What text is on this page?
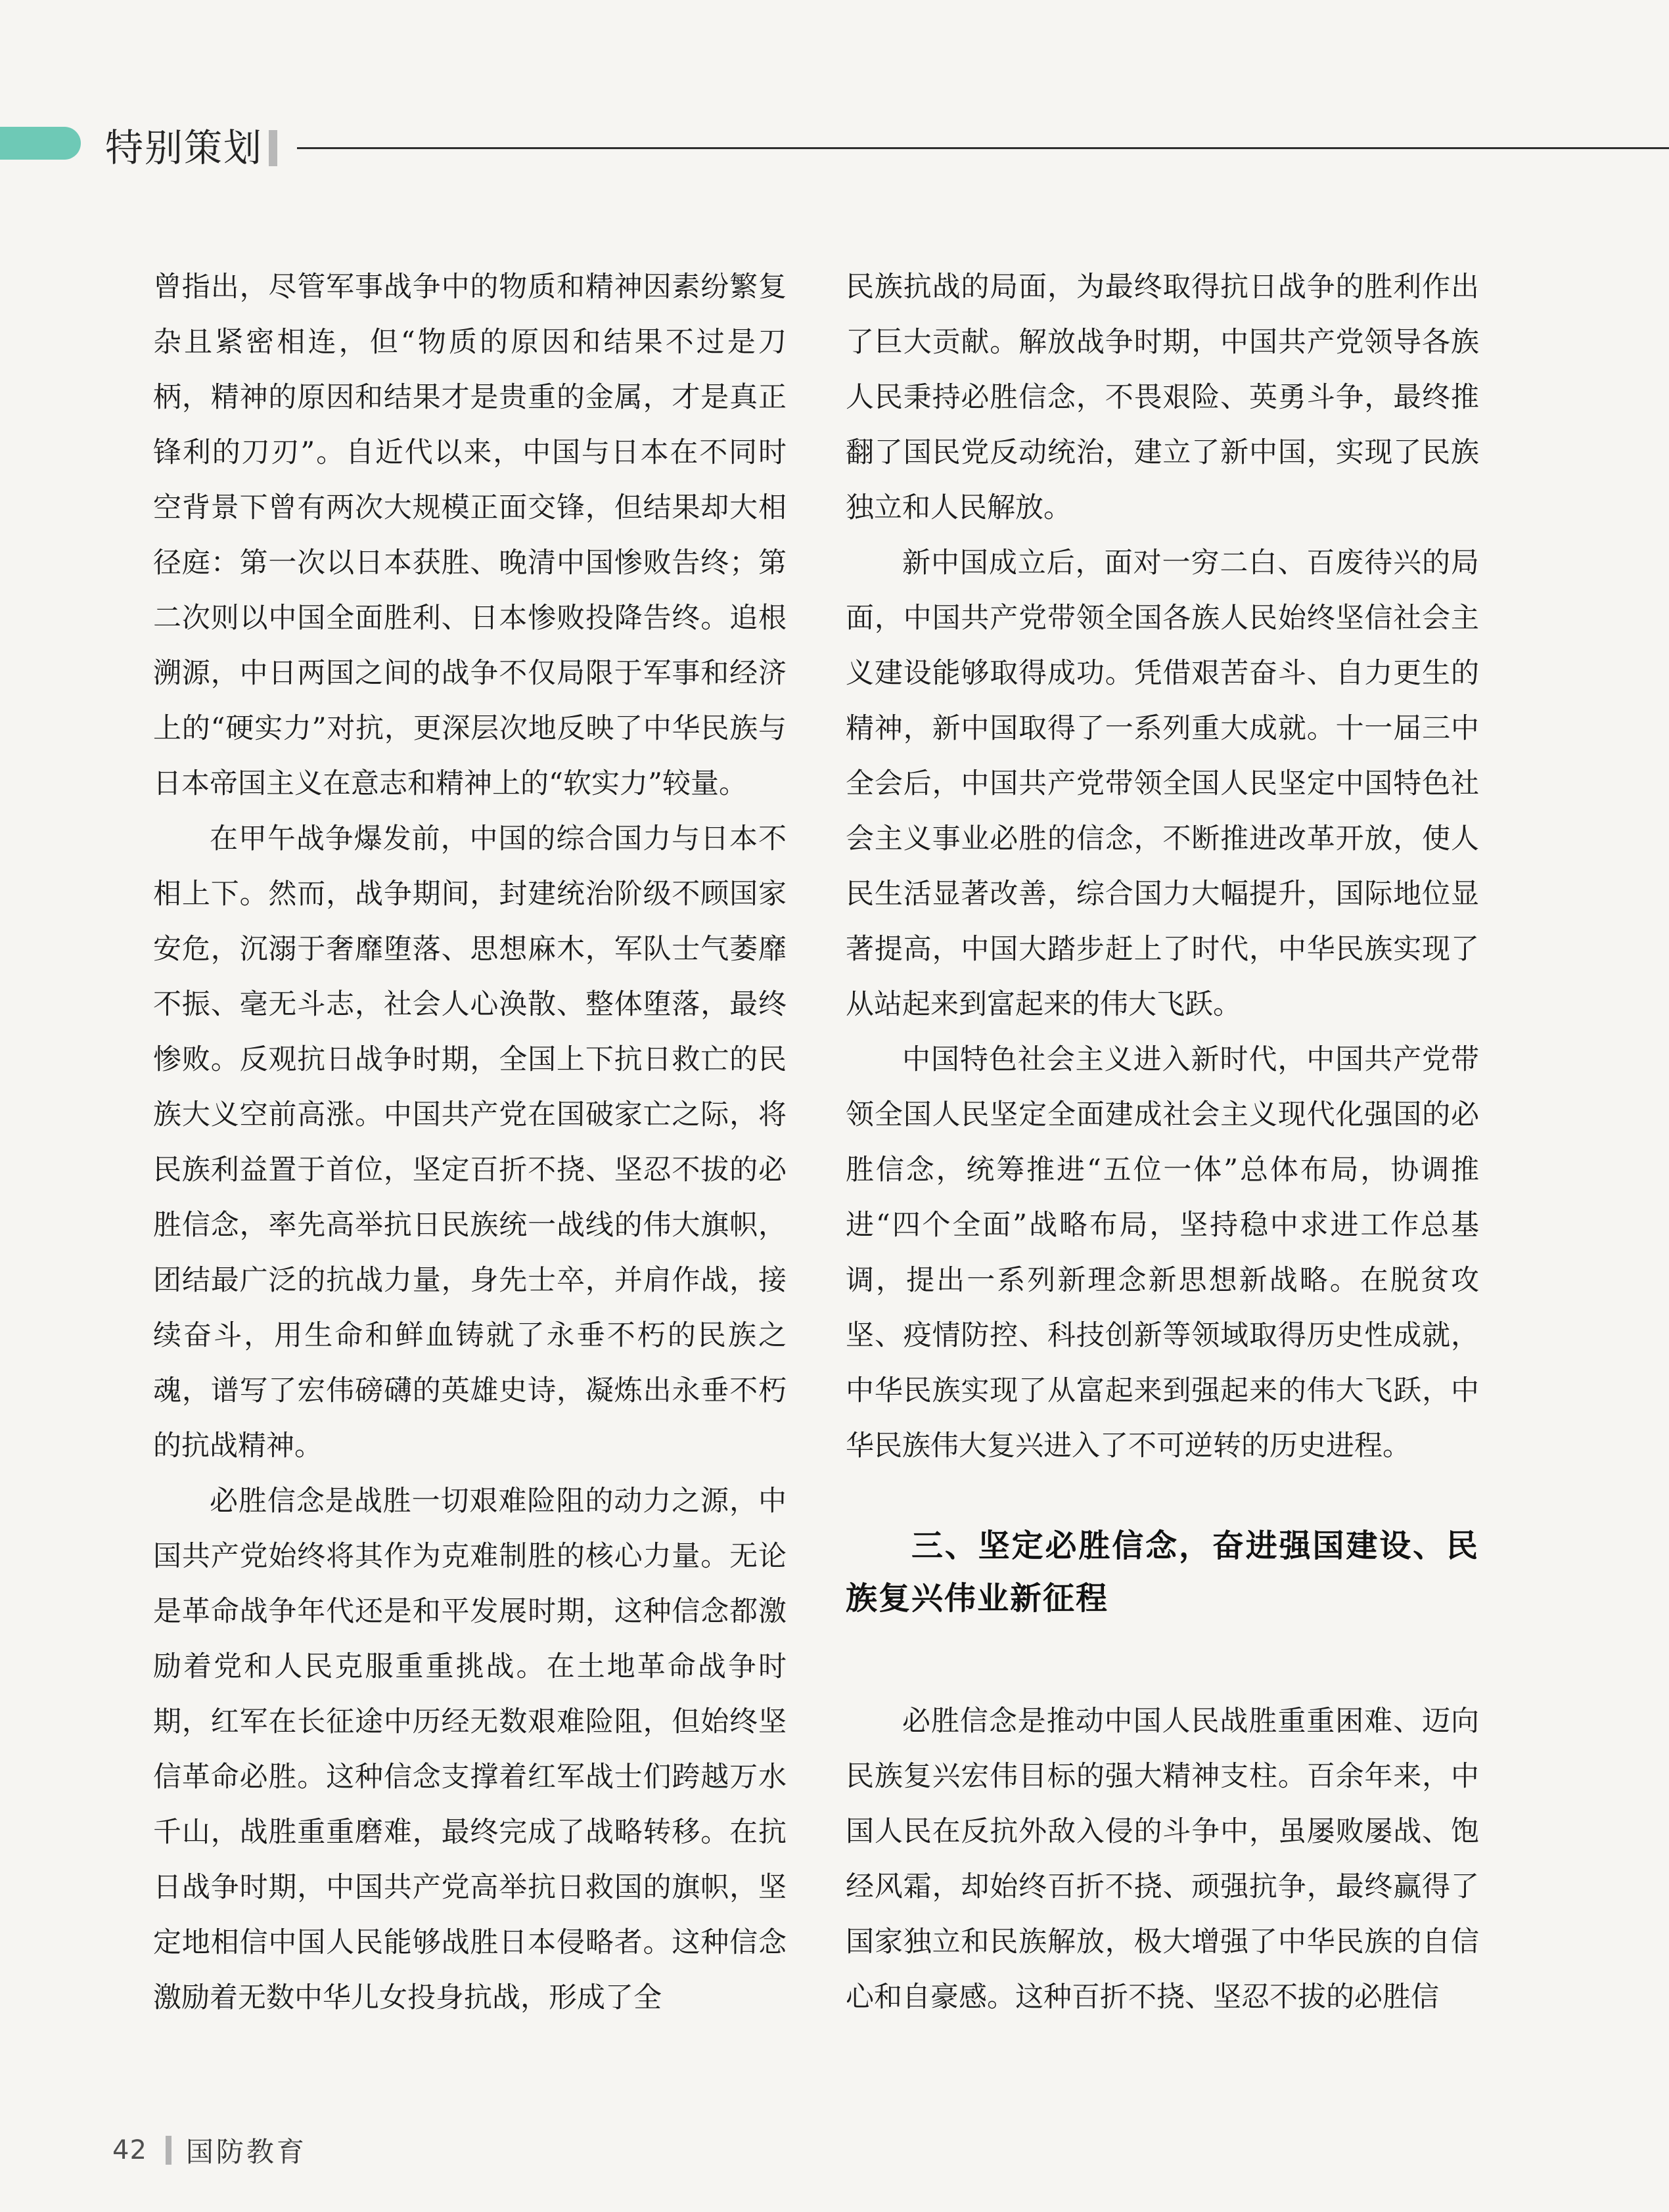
特别策划

曾指出，尽管军事战争中的物质和精神因素纷繁复杂且紧密相连，但“物质的原因和结果不过是刀柄，精神的原因和结果才是贵重的金属，才是真正锋利的刀刃”。自近代以来，中国与日本在不同时空背景下曾有两次大规模正面交锋，但结果却大相径庭：第一次以日本获胜、晚清中国惨败告终；第二次则以中国全面胜利、日本惨败投降告终。追根溯源，中日两国之间的战争不仅局限于军事和经济上的“硬实力”对抗，更深层次地反映了中华民族与日本帝国主义在意志和精神上的“软实力”较量。

在甲午战争爆发前，中国的综合国力与日本不相上下。然而，战争期间，封建统治阶级不顾国家安危，沉溺于奢靡堕落、思想麻木，军队士气萎靡不振、毫无斗志，社会人心涣散、整体堕落，最终惨败。反观抗日战争时期，全国上下抗日救亡的民族大义空前高涨。中国共产党在国破家亡之际，将民族利益置于首位，坚定百折不挠、坚忍不拔的必胜信念，率先高举抗日民族统一战线的伟大旗帜，团结最广泛的抗战力量，身先士卒，并肩作战，接续奋斗，用生命和鲜血铸就了永垂不朽的民族之魂，谱写了宏伟磅礴的英雄史诗，凝炼出永垂不朽的抗战精神。

必胜信念是战胜一切艰难险阻的动力之源，中国共产党始终将其作为克难制胜的核心力量。无论是革命战争年代还是和平发展时期，这种信念都激励着党和人民克服重重挑战。在土地革命战争时期，红军在长征途中历经无数艰难险阻，但始终坚信革命必胜。这种信念支撑着红军战士们跨越万水千山，战胜重重磨难，最终完成了战略转移。在抗日战争时期，中国共产党高举抗日救国的旗帜，坚定地相信中国人民能够战胜日本侵略者。这种信念激励着无数中华儿女投身抗战，形成了全

民族抗战的局面，为最终取得抗日战争的胜利作出了巨大贡献。解放战争时期，中国共产党领导各族人民秉持必胜信念，不畏艰险、英勇斗争，最终推翻了国民党反动统治，建立了新中国，实现了民族独立和人民解放。

新中国成立后，面对一穷二白、百废待兴的局面，中国共产党带领全国各族人民始终坚信社会主义建设能够取得成功。凭借艰苦奋斗、自力更生的精神，新中国取得了一系列重大成就。十一届三中全会后，中国共产党带领全国人民坚定中国特色社会主义事业必胜的信念，不断推进改革开放，使人民生活显著改善，综合国力大幅提升，国际地位显著提高，中国大踏步赶上了时代，中华民族实现了从站起来到富起来的伟大飞跃。

中国特色社会主义进入新时代，中国共产党带领全国人民坚定全面建成社会主义现代化强国的必胜信念，统筹推进“五位一体”总体布局，协调推进“四个全面”战略布局，坚持稳中求进工作总基调，提出一系列新理念新思想新战略。在脱贫攻坚、疫情防控、科技创新等领域取得历史性成就，中华民族实现了从富起来到强起来的伟大飞跃，中华民族伟大复兴进入了不可逆转的历史进程。

三、坚定必胜信念，奋进强国建设、民族复兴伟业新征程

必胜信念是推动中国人民战胜重重困难、迈向民族复兴宏伟目标的强大精神支柱。百余年来，中国人民在反抗外敌入侵的斗争中，虽屡败屡战、饱经风霜，却始终百折不挠、顽强抗争，最终赢得了国家独立和民族解放，极大增强了中华民族的自信心和自豪感。这种百折不挠、坚忍不拔的必胜信

42 国防教育
